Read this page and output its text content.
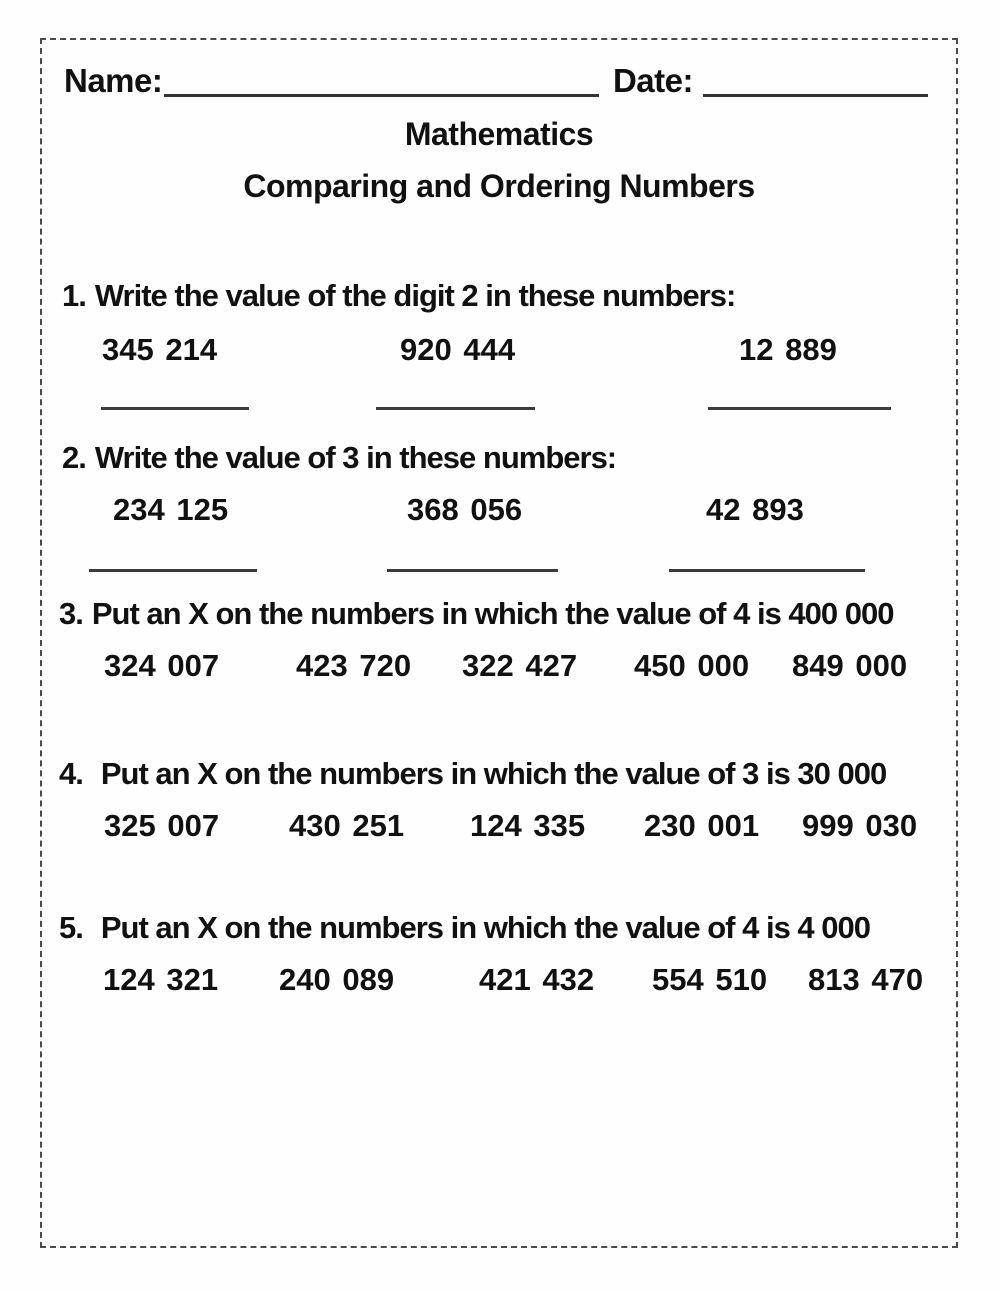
Name:	Date:
Mathematics
Comparing and Ordering Numbers
1. Write the value of the digit 2 in these numbers:
345 214	920 444	12 889
2. Write the value of 3 in these numbers:
234 125	368 056	42 893
3. Put an X on the numbers in which the value of 4 is 400 000
324 007 423 720 322 427 450 000 849 000
4. Put an X on the numbers in which the value of 3 is 30 000
325 007 430 251 124 335 230 001 999 030
5. Put an X on the numbers in which the value of 4 is 4 000
124 321 240 089	421 432 554 510 813 470
